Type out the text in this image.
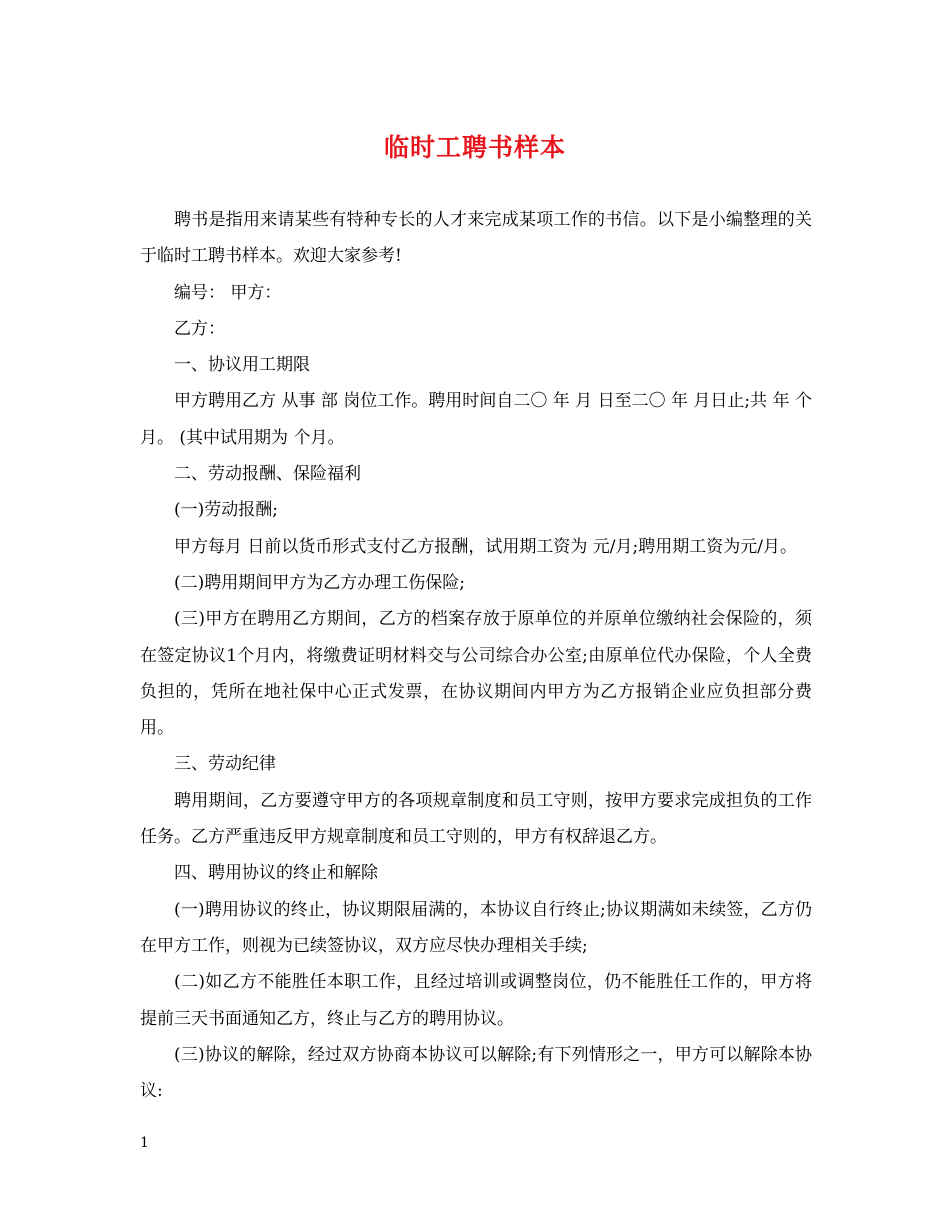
临时工聘书样本

聘书是指用来请某些有特种专长的人才来完成某项工作的书信。以下是小编整理的关于临时工聘书样本。欢迎大家参考!

编号： 甲方：

乙方：

一、协议用工期限

甲方聘用乙方 从事 部 岗位工作。聘用时间自二〇 年 月 日至二〇 年 月日止;共 年 个月。 (其中试用期为 个月。

二、劳动报酬、保险福利

(一)劳动报酬;

甲方每月 日前以货币形式支付乙方报酬，试用期工资为 元/月;聘用期工资为元/月。

(二)聘用期间甲方为乙方办理工伤保险;

(三)甲方在聘用乙方期间，乙方的档案存放于原单位的并原单位缴纳社会保险的，须在签定协议1个月内，将缴费证明材料交与公司综合办公室;由原单位代办保险，个人全费负担的，凭所在地社保中心正式发票，在协议期间内甲方为乙方报销企业应负担部分费用。

三、劳动纪律

聘用期间，乙方要遵守甲方的各项规章制度和员工守则，按甲方要求完成担负的工作任务。乙方严重违反甲方规章制度和员工守则的，甲方有权辞退乙方。

四、聘用协议的终止和解除

(一)聘用协议的终止，协议期限届满的，本协议自行终止;协议期满如未续签，乙方仍在甲方工作，则视为已续签协议，双方应尽快办理相关手续;

(二)如乙方不能胜任本职工作，且经过培训或调整岗位，仍不能胜任工作的，甲方将提前三天书面通知乙方，终止与乙方的聘用协议。

(三)协议的解除，经过双方协商本协议可以解除;有下列情形之一，甲方可以解除本协议:

1
